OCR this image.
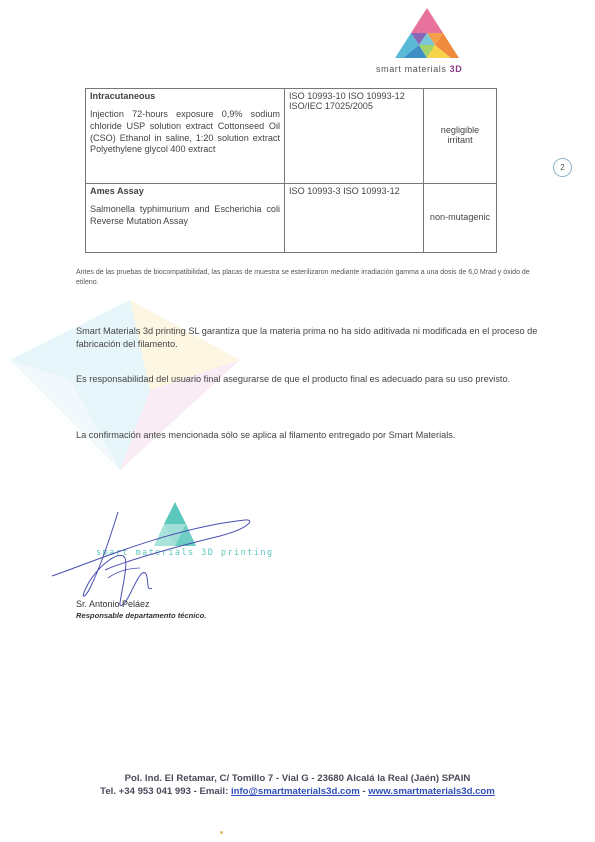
smart materials 3D
2
Intracutaneous
Injection 72-hours exposure 0,9% sodium chloride USP solution extract Cottonseed Oil (CSO) Ethanol in saline, 1:20 solution extract Polyethylene glycol 400 extract	ISO 10993-10 ISO 10993-12 ISO/IEC 17025/2005	negligible irritant

Ames Assay
Salmonella typhimurium and Escherichia coli Reverse Mutation Assay	ISO 10993-3 ISO 10993-12	non-mutagenic
Antes de las pruebas de biocompatibilidad, las placas de muestra se esterilizaron mediante irradiación gamma a una dosis de 6,0 Mrad y óxido de etileno.
Smart Materials 3d printing SL garantiza que la materia prima no ha sido aditivada ni modificada en el proceso de fabricación del filamento.
Es responsabilidad del usuario final asegurarse de que el producto final es adecuado para su uso previsto.
La confirmación antes mencionada sólo se aplica al filamento entregado por Smart Materials.
smart materials 3D printing
Sr. Antonio Peláez
Responsable departamento técnico.
Pol. Ind. El Retamar, C/ Tomillo 7 - Vial G - 23680 Alcalá la Real (Jaén) SPAIN
Tel. +34 953 041 993 - Email: info@smartmaterials3d.com - www.smartmaterials3d.com
